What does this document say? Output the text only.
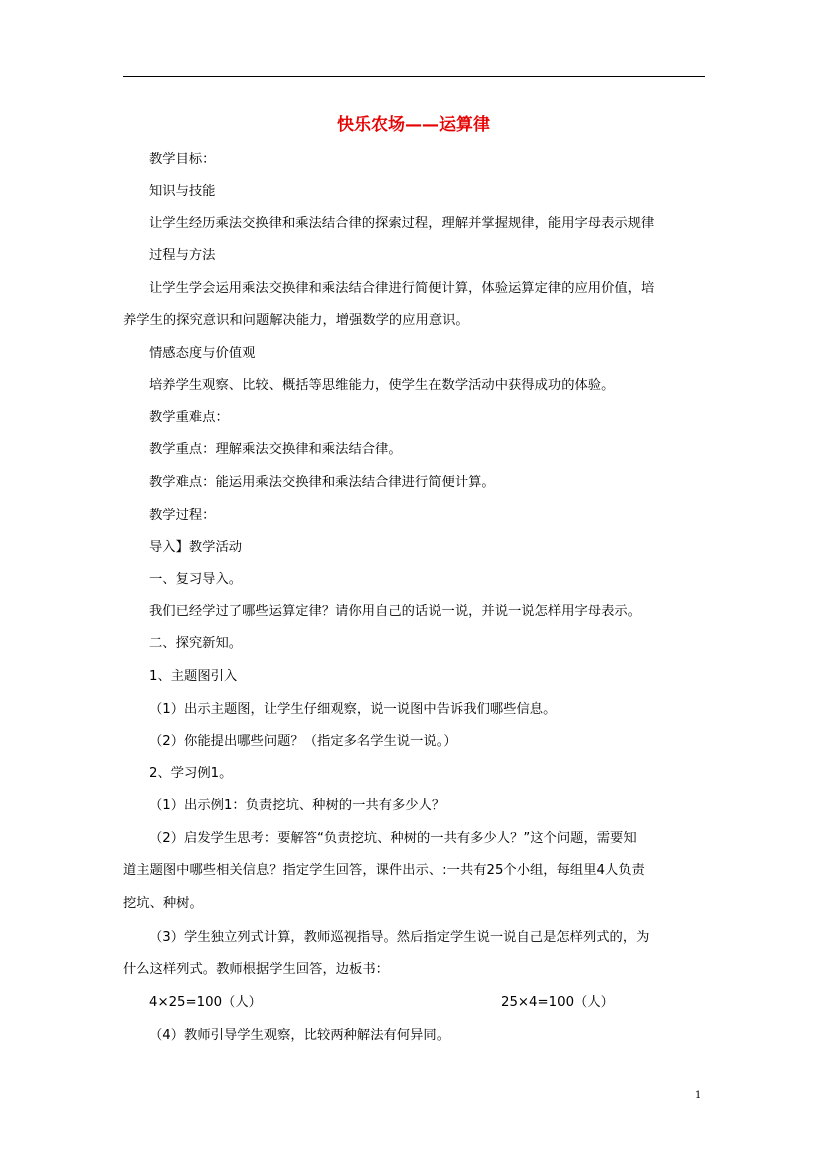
快乐农场——运算律
教学目标：
知识与技能
让学生经历乘法交换律和乘法结合律的探索过程，理解并掌握规律，能用字母表示规律
过程与方法
让学生学会运用乘法交换律和乘法结合律进行简便计算，体验运算定律的应用价值，培
养学生的探究意识和问题解决能力，增强数学的应用意识。
情感态度与价值观
培养学生观察、比较、概括等思维能力，使学生在数学活动中获得成功的体验。
教学重难点：
教学重点：理解乘法交换律和乘法结合律。
教学难点：能运用乘法交换律和乘法结合律进行简便计算。
教学过程：
导入】教学活动
一、复习导入。
我们已经学过了哪些运算定律？请你用自己的话说一说，并说一说怎样用字母表示。
二、探究新知。
1、主题图引入
（1）出示主题图，让学生仔细观察，说一说图中告诉我们哪些信息。
（2）你能提出哪些问题？（指定多名学生说一说。）
2、学习例1。
（1）出示例1：负责挖坑、种树的一共有多少人？
（2）启发学生思考：要解答“负责挖坑、种树的一共有多少人？”这个问题，需要知
道主题图中哪些相关信息？指定学生回答，课件出示、:一共有25个小组，每组里4人负责
挖坑、种树。
（3）学生独立列式计算，教师巡视指导。然后指定学生说一说自己是怎样列式的，为
什么这样列式。教师根据学生回答，边板书：
4×25=100（人）	25×4=100（人）
（4）教师引导学生观察，比较两种解法有何异同。
1
